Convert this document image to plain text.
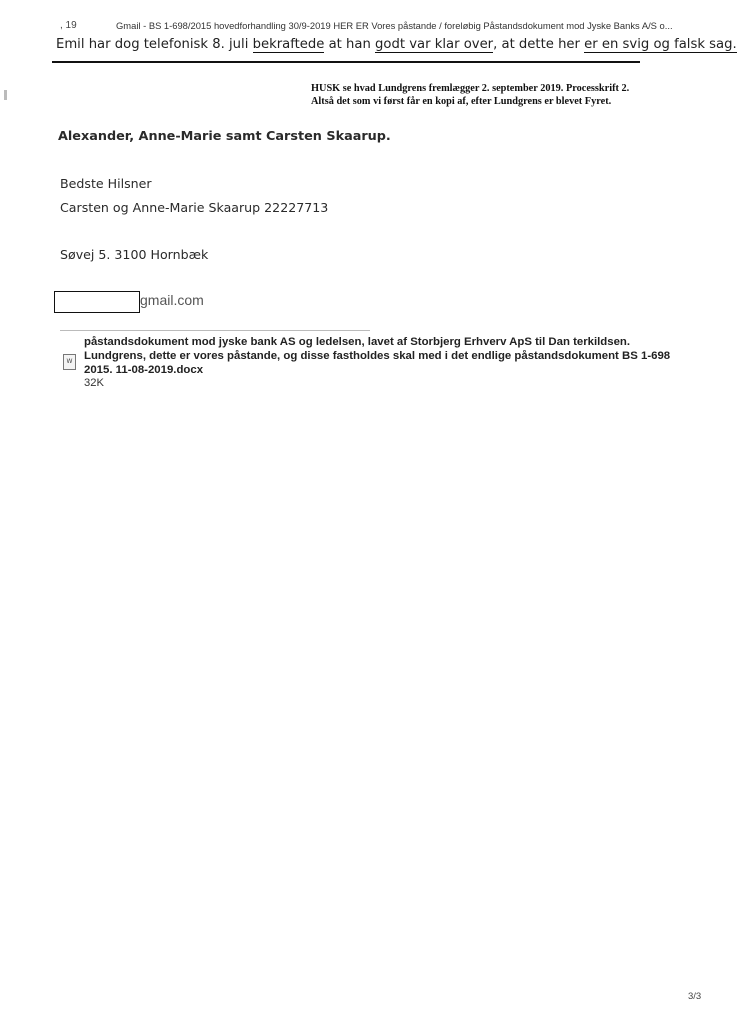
, 19	Gmail - BS 1-698/2015 hovedforhandling 30/9-2019 HER ER Vores påstande / foreløbig Påstandsdokument mod Jyske Banks A/S o...
Emil har dog telefonisk 8. juli bekraftede at han godt var klar over, at dette her er en svig og falsk sag.
HUSK se hvad Lundgrens fremlægger 2. september 2019. Processkrift 2.
Altså det som vi først får en kopi af, efter Lundgrens er blevet Fyret.
Alexander, Anne-Marie samt Carsten Skaarup.
Bedste Hilsner
Carsten og Anne-Marie Skaarup 22227713
Søvej 5. 3100 Hornbæk
gmail.com
W
påstandsdokument mod jyske bank AS og ledelsen, lavet af Storbjerg Erhverv ApS til Dan terkildsen.
Lundgrens, dette er vores påstande, og disse fastholdes skal med i det endlige påstandsdokument BS 1-698
2015. 11-08-2019.docx
32K
3/3
